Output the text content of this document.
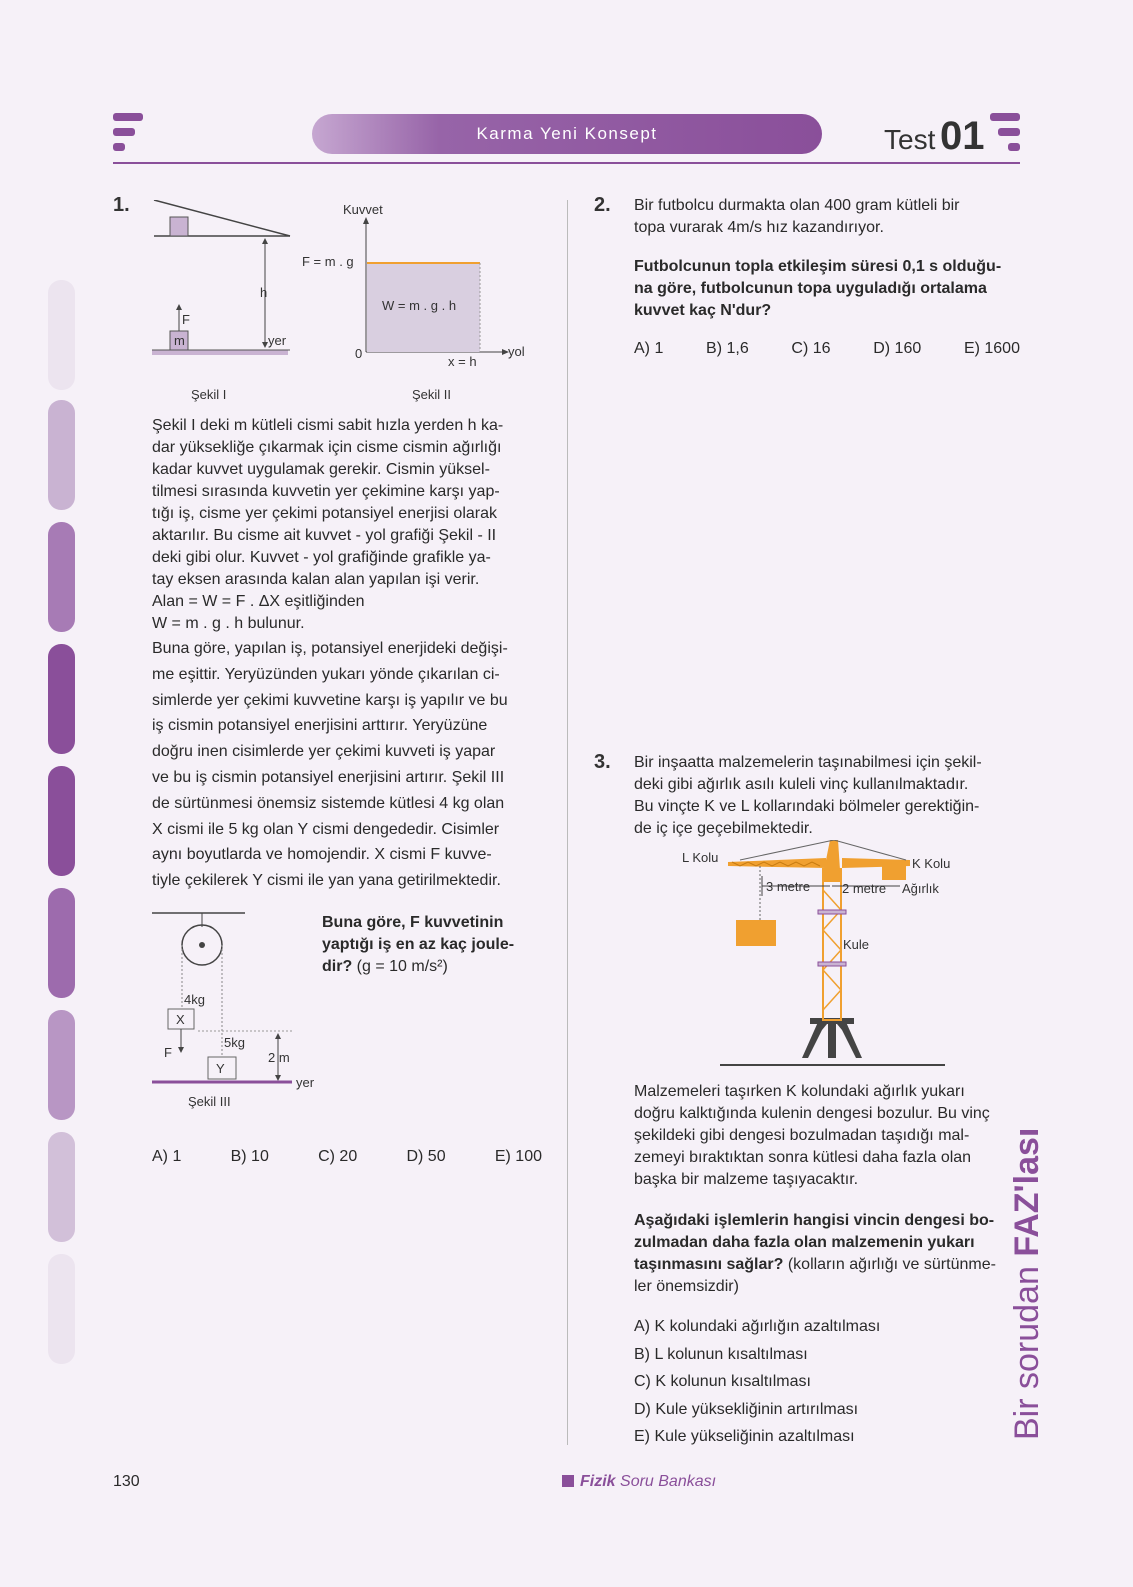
Karma Yeni Konsept	Test 01
1.
m
F
h
yer
Kuvvet
F = m . g
W = m . g . h
0
x = h
yol
Şekil I	Şekil II
Şekil I deki m kütleli cismi sabit hızla yerden h ka-
dar yüksekliğe çıkarmak için cisme cismin ağırlığı
kadar kuvvet uygulamak gerekir. Cismin yüksel-
tilmesi sırasında kuvvetin yer çekimine karşı yap-
tığı iş, cisme yer çekimi potansiyel enerjisi olarak
aktarılır. Bu cisme ait kuvvet - yol grafiği Şekil - II
deki gibi olur. Kuvvet - yol grafiğinde grafikle ya-
tay eksen arasında kalan alan yapılan işi verir.
Alan = W = F . ΔX eşitliğinden
W = m . g . h bulunur.
Buna göre, yapılan iş, potansiyel enerjideki değişi-
me eşittir. Yeryüzünden yukarı yönde çıkarılan ci-
simlerde yer çekimi kuvvetine karşı iş yapılır ve bu
iş cismin potansiyel enerjisini arttırır. Yeryüzüne
doğru inen cisimlerde yer çekimi kuvveti iş yapar
ve bu iş cismin potansiyel enerjisini artırır. Şekil III
de sürtünmesi önemsiz sistemde kütlesi 4 kg olan
X cismi ile 5 kg olan Y cismi dengededir. Cisimler
aynı boyutlarda ve homojendir. X cismi F kuvve-
tiyle çekilerek Y cismi ile yan yana getirilmektedir.
4kg
X
F
5kg
Y
2 m
yer
Şekil III
Buna göre, F kuvvetinin
yaptığı iş en az kaç joule-
dir? (g = 10 m/s²)
A) 1	B) 10	C) 20	D) 50	E) 100
2. Bir futbolcu durmakta olan 400 gram kütleli bir
topa vurarak 4m/s hız kazandırıyor.
Futbolcunun topla etkileşim süresi 0,1 s olduğu-
na göre, futbolcunun topa uyguladığı ortalama
kuvvet kaç N'dur?
A) 1	B) 1,6	C) 16	D) 160	E) 1600
3. Bir inşaatta malzemelerin taşınabilmesi için şekil-
deki gibi ağırlık asılı kuleli vinç kullanılmaktadır.
Bu vinçte K ve L kollarındaki bölmeler gerektiğin-
de iç içe geçebilmektedir.
L Kolu	K Kolu
3 metre 2 metre Ağırlık
Kule
Malzemeleri taşırken K kolundaki ağırlık yukarı
doğru kalktığında kulenin dengesi bozulur. Bu vinç
şekildeki gibi dengesi bozulmadan taşıdığı mal-
zemeyi bıraktıktan sonra kütlesi daha fazla olan
başka bir malzeme taşıyacaktır.
Aşağıdaki işlemlerin hangisi vincin dengesi bo-
zulmadan daha fazla olan malzemenin yukarı
taşınmasını sağlar? (kolların ağırlığı ve sürtünme-
ler önemsizdir)
A) K kolundaki ağırlığın azaltılması
B) L kolunun kısaltılması
C) K kolunun kısaltılması
D) Kule yüksekliğinin artırılması
E) Kule yükseliğinin azaltılması	Bir sorudan FAZ'lası
130	Fizik Soru Bankası
